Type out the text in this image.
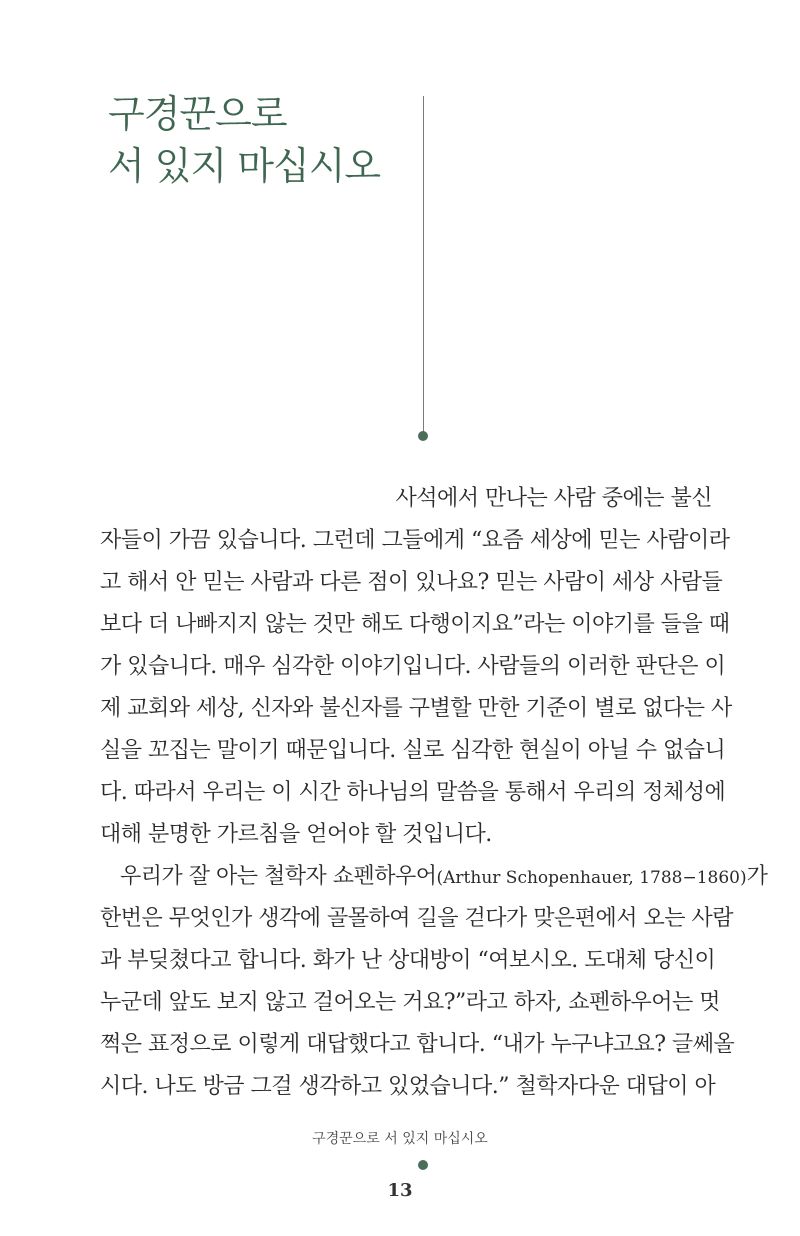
구경꾼으로
서 있지 마십시오
사석에서 만나는 사람 중에는 불신
자들이 가끔 있습니다. 그런데 그들에게 “요즘 세상에 믿는 사람이라
고 해서 안 믿는 사람과 다른 점이 있나요? 믿는 사람이 세상 사람들
보다 더 나빠지지 않는 것만 해도 다행이지요”라는 이야기를 들을 때
가 있습니다. 매우 심각한 이야기입니다. 사람들의 이러한 판단은 이
제 교회와 세상, 신자와 불신자를 구별할 만한 기준이 별로 없다는 사
실을 꼬집는 말이기 때문입니다. 실로 심각한 현실이 아닐 수 없습니
다. 따라서 우리는 이 시간 하나님의 말씀을 통해서 우리의 정체성에
대해 분명한 가르침을 얻어야 할 것입니다.
우리가 잘 아는 철학자 쇼펜하우어(Arthur Schopenhauer, 1788−1860)가
한번은 무엇인가 생각에 골몰하여 길을 걷다가 맞은편에서 오는 사람
과 부딪쳤다고 합니다. 화가 난 상대방이 “여보시오. 도대체 당신이
누군데 앞도 보지 않고 걸어오는 거요?”라고 하자, 쇼펜하우어는 멋
쩍은 표정으로 이렇게 대답했다고 합니다. “내가 누구냐고요? 글쎄올
시다. 나도 방금 그걸 생각하고 있었습니다.” 철학자다운 대답이 아
구경꾼으로 서 있지 마십시오
13
